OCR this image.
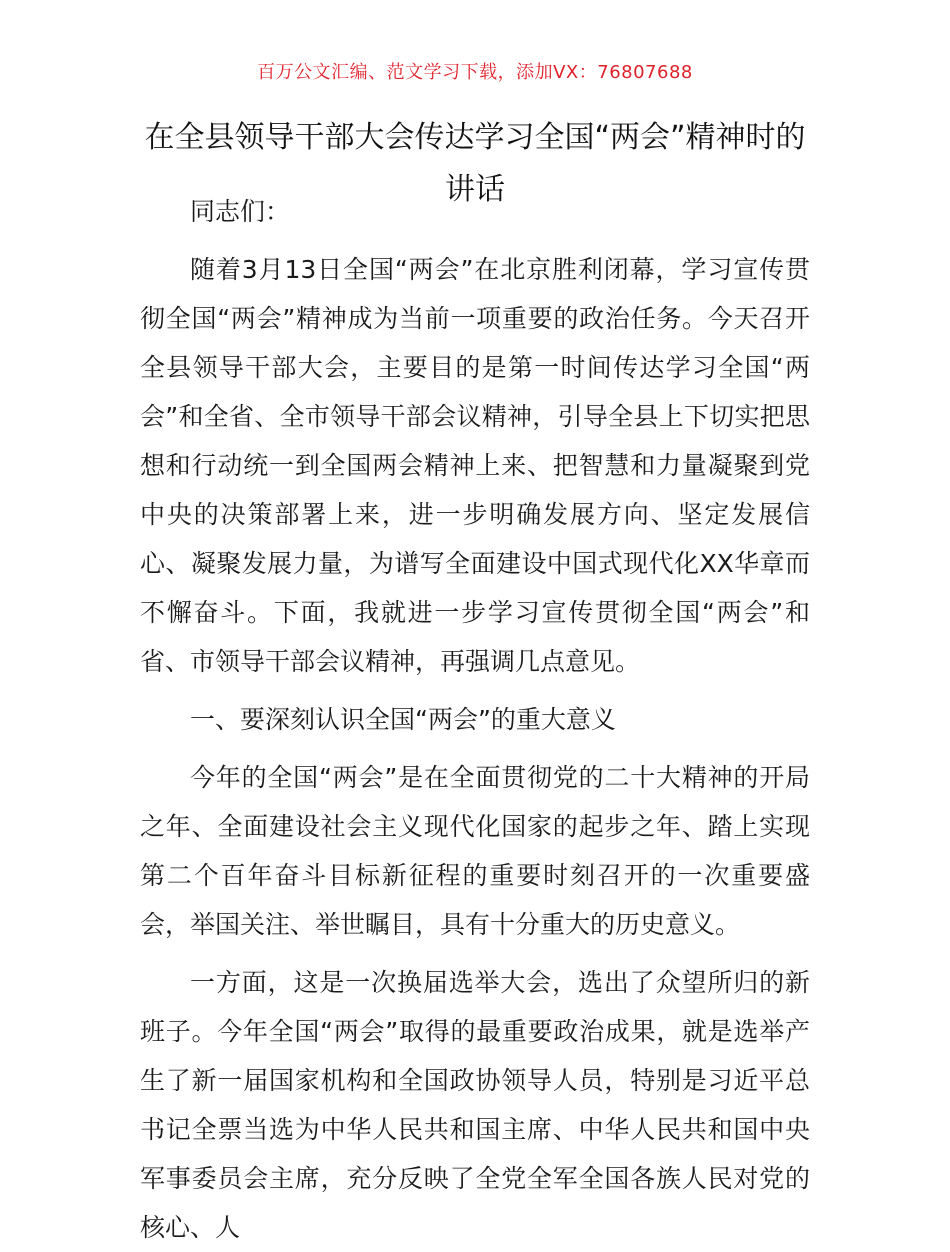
百万公文汇编、范文学习下载，添加VX：76807688
在全县领导干部大会传达学习全国“两会”精神时的讲话

同志们：

随着3月13日全国“两会”在北京胜利闭幕，学习宣传贯彻全国“两会”精神成为当前一项重要的政治任务。今天召开全县领导干部大会，主要目的是第一时间传达学习全国“两会”和全省、全市领导干部会议精神，引导全县上下切实把思想和行动统一到全国两会精神上来、把智慧和力量凝聚到党中央的决策部署上来，进一步明确发展方向、坚定发展信心、凝聚发展力量，为谱写全面建设中国式现代化XX华章而不懈奋斗。下面，我就进一步学习宣传贯彻全国“两会”和省、市领导干部会议精神，再强调几点意见。

一、要深刻认识全国“两会”的重大意义

今年的全国“两会”是在全面贯彻党的二十大精神的开局之年、全面建设社会主义现代化国家的起步之年、踏上实现第二个百年奋斗目标新征程的重要时刻召开的一次重要盛会，举国关注、举世瞩目，具有十分重大的历史意义。

一方面，这是一次换届选举大会，选出了众望所归的新班子。今年全国“两会”取得的最重要政治成果，就是选举产生了新一届国家机构和全国政协领导人员，特别是习近平总书记全票当选为中华人民共和国主席、中华人民共和国中央军事委员会主席，充分反映了全党全军全国各族人民对党的核心、人
